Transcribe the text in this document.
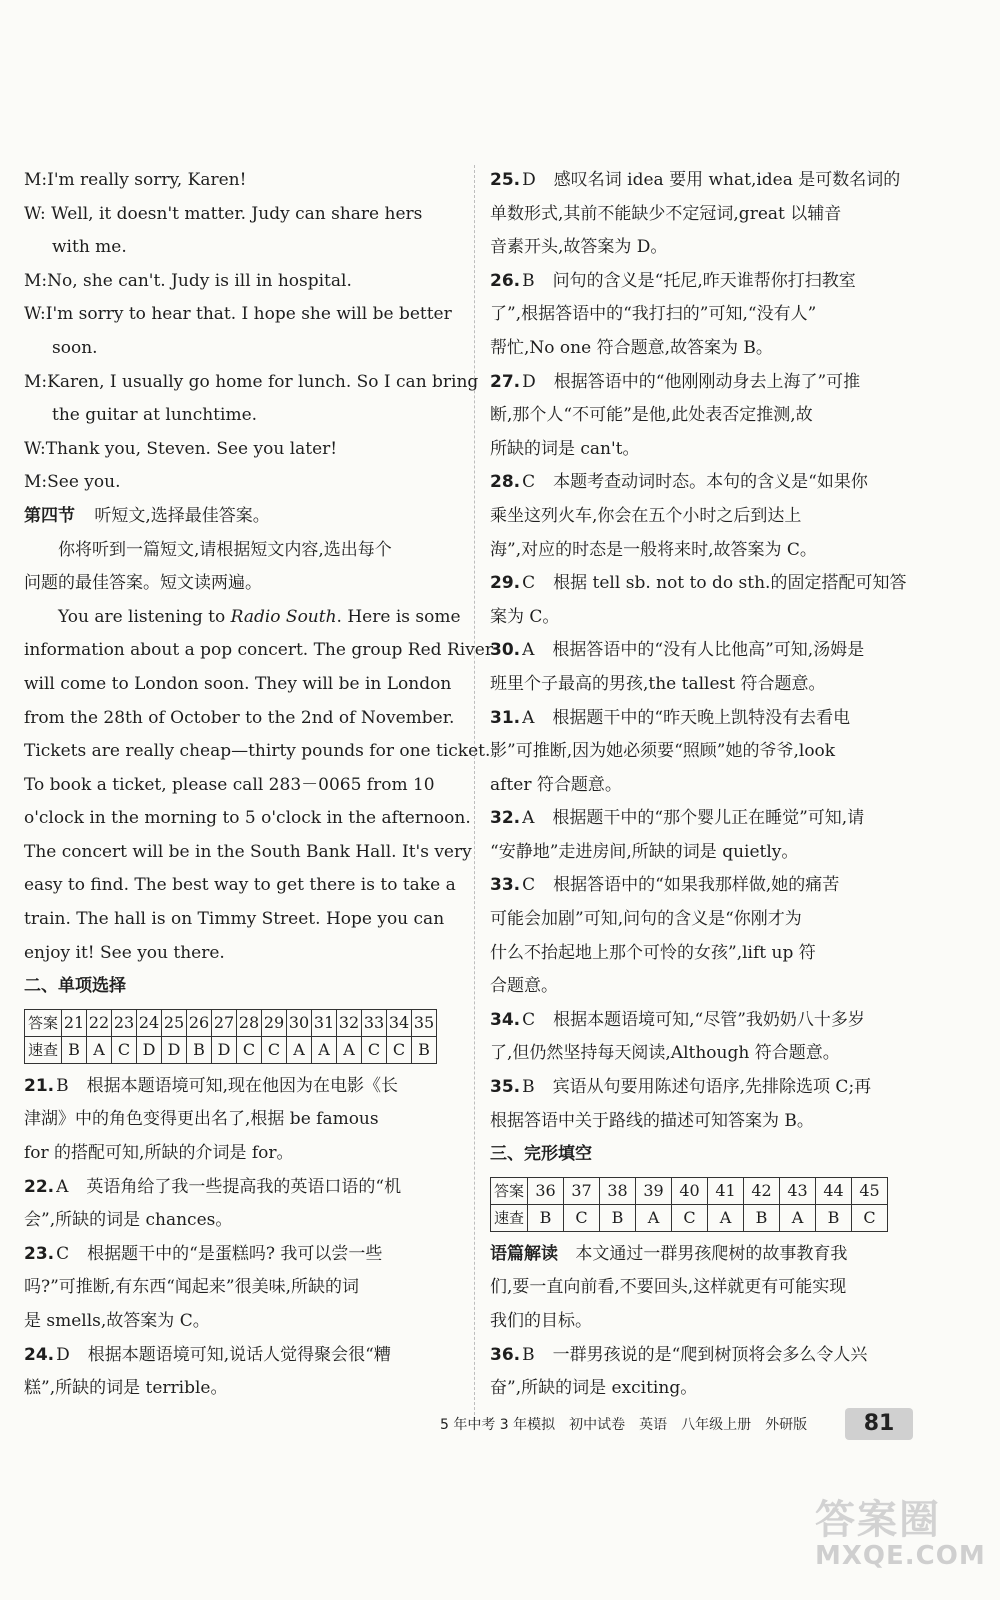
M:I'm really sorry, Karen!
W: Well, it doesn't matter. Judy can share hers
with me.
M:No, she can't. Judy is ill in hospital.
W:I'm sorry to hear that. I hope she will be better
soon.
M:Karen, I usually go home for lunch. So I can bring
the guitar at lunchtime.
W:Thank you, Steven. See you later!
M:See you.
第四节 听短文,选择最佳答案。
你将听到一篇短文,请根据短文内容,选出每个
问题的最佳答案。短文读两遍。
You are listening to Radio South. Here is some
information about a pop concert. The group Red River
will come to London soon. They will be in London
from the 28th of October to the 2nd of November.
Tickets are really cheap—thirty pounds for one ticket.
To book a ticket, please call 283－0065 from 10
o'clock in the morning to 5 o'clock in the afternoon.
The concert will be in the South Bank Hall. It's very
easy to find. The best way to get there is to take a
train. The hall is on Timmy Street. Hope you can
enjoy it! See you there.
二、单项选择
答案	21	22	23	24	25	26	27	28	29	30	31	32	33	34	35
速查	B	A	C	D	D	B	D	C	C	A	A	A	C	C	B
21. B 根据本题语境可知,现在他因为在电影《长
津湖》中的角色变得更出名了,根据 be famous
for 的搭配可知,所缺的介词是 for。
22. A 英语角给了我一些提高我的英语口语的“机
会”,所缺的词是 chances。
23. C 根据题干中的“是蛋糕吗? 我可以尝一些
吗?”可推断,有东西“闻起来”很美味,所缺的词
是 smells,故答案为 C。
24. D 根据本题语境可知,说话人觉得聚会很“糟
糕”,所缺的词是 terrible。
25. D 感叹名词 idea 要用 what,idea 是可数名词的
单数形式,其前不能缺少不定冠词,great 以辅音
音素开头,故答案为 D。
26. B 问句的含义是“托尼,昨天谁帮你打扫教室
了”,根据答语中的“我打扫的”可知,“没有人”
帮忙,No one 符合题意,故答案为 B。
27. D 根据答语中的“他刚刚动身去上海了”可推
断,那个人“不可能”是他,此处表否定推测,故
所缺的词是 can't。
28. C 本题考查动词时态。本句的含义是“如果你
乘坐这列火车,你会在五个小时之后到达上
海”,对应的时态是一般将来时,故答案为 C。
29. C 根据 tell sb. not to do sth.的固定搭配可知答
案为 C。
30. A 根据答语中的“没有人比他高”可知,汤姆是
班里个子最高的男孩,the tallest 符合题意。
31. A 根据题干中的“昨天晚上凯特没有去看电
影”可推断,因为她必须要“照顾”她的爷爷,look
after 符合题意。
32. A 根据题干中的“那个婴儿正在睡觉”可知,请
“安静地”走进房间,所缺的词是 quietly。
33. C 根据答语中的“如果我那样做,她的痛苦
可能会加剧”可知,问句的含义是“你刚才为
什么不抬起地上那个可怜的女孩”,lift up 符
合题意。
34. C 根据本题语境可知,“尽管”我奶奶八十多岁
了,但仍然坚持每天阅读,Although 符合题意。
35. B 宾语从句要用陈述句语序,先排除选项 C;再
根据答语中关于路线的描述可知答案为 B。
三、完形填空
答案	36	37	38	39	40	41	42	43	44	45
速查	B	C	B	A	C	A	B	A	B	C
语篇解读 本文通过一群男孩爬树的故事教育我
们,要一直向前看,不要回头,这样就更有可能实现
我们的目标。
36. B 一群男孩说的是“爬到树顶将会多么令人兴
奋”,所缺的词是 exciting。
5 年中考 3 年模拟　初中试卷　英语　八年级上册　外研版	81
答案圈
MXQE.COM
